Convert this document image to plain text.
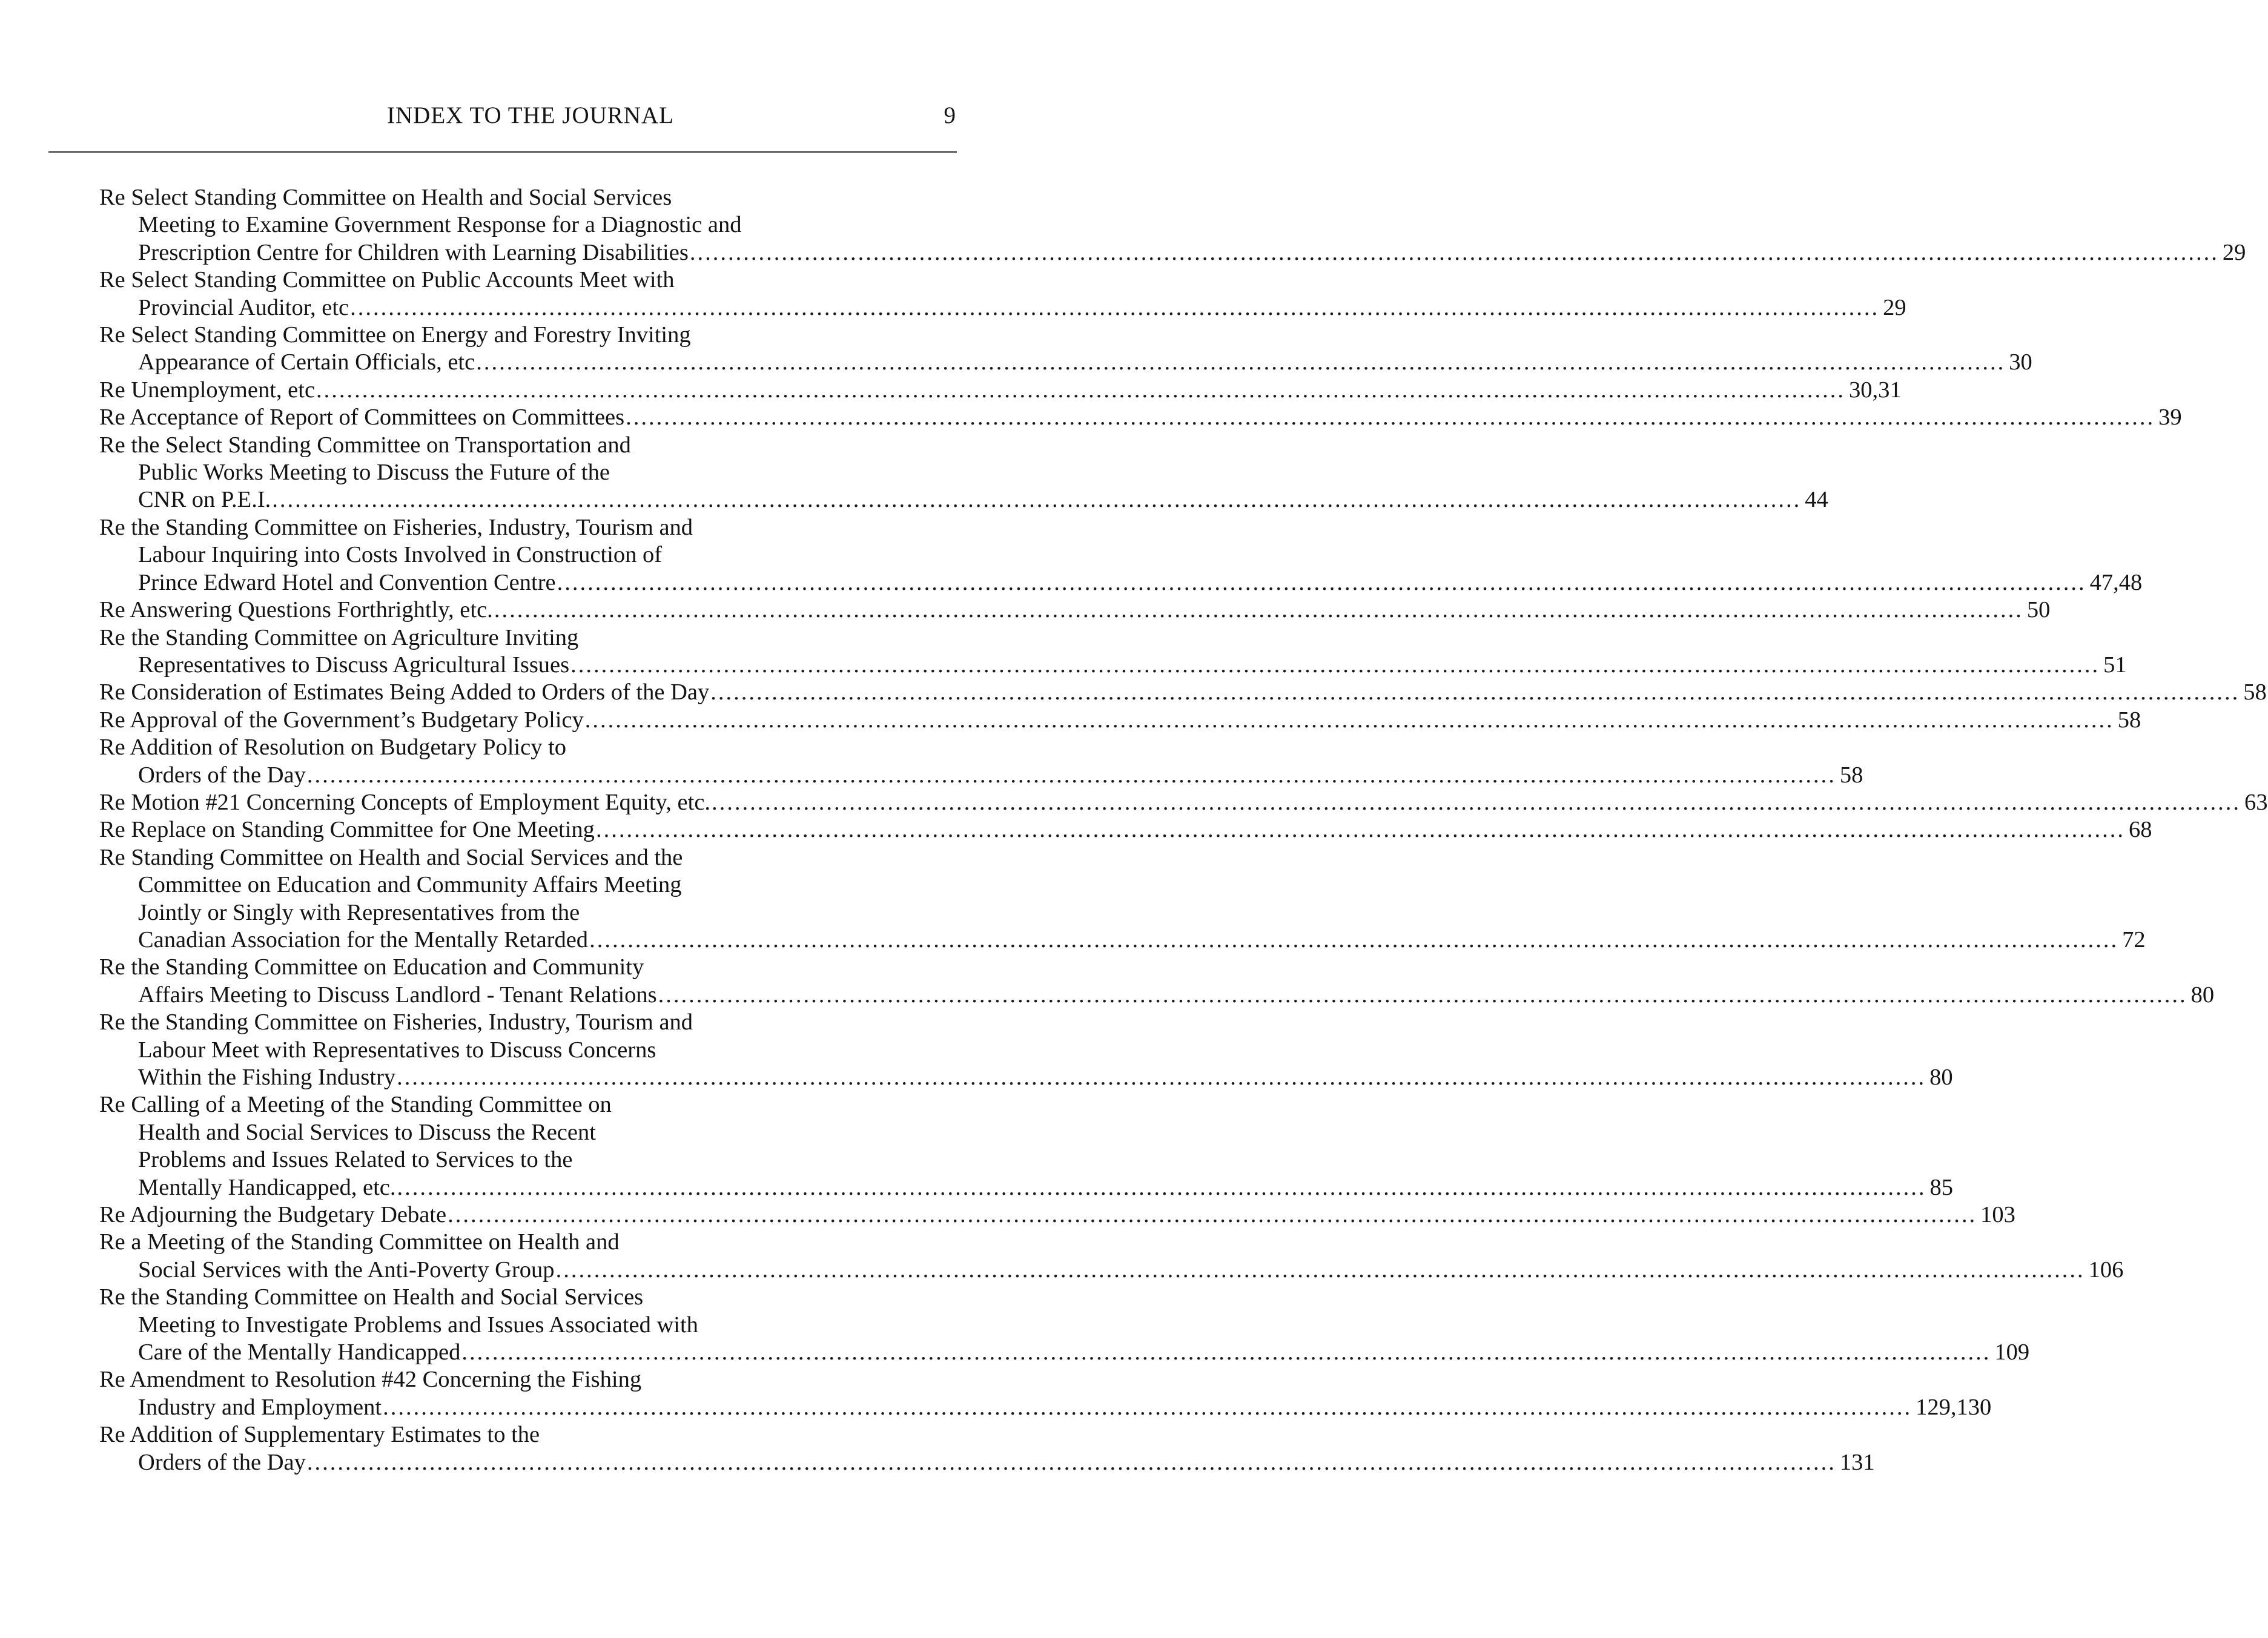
INDEX TO THE JOURNAL	9
Re Select Standing Committee on Health and Social Services
Meeting to Examine Government Response for a Diagnostic and
Prescription Centre for Children with Learning Disabilities ........................................................................................................................................................................................................ 29
Re Select Standing Committee on Public Accounts Meet with
Provincial Auditor, etc ........................................................................................................................................................................................................ 29
Re Select Standing Committee on Energy and Forestry Inviting
Appearance of Certain Officials, etc ........................................................................................................................................................................................................ 30
Re Unemployment, etc ........................................................................................................................................................................................................ 30,31
Re Acceptance of Report of Committees on Committees ........................................................................................................................................................................................................ 39
Re the Select Standing Committee on Transportation and
Public Works Meeting to Discuss the Future of the
CNR on P.E.I. ........................................................................................................................................................................................................ 44
Re the Standing Committee on Fisheries, Industry, Tourism and
Labour Inquiring into Costs Involved in Construction of
Prince Edward Hotel and Convention Centre ........................................................................................................................................................................................................ 47,48
Re Answering Questions Forthrightly, etc. ........................................................................................................................................................................................................ 50
Re the Standing Committee on Agriculture Inviting
Representatives to Discuss Agricultural Issues ........................................................................................................................................................................................................ 51
Re Consideration of Estimates Being Added to Orders of the Day ........................................................................................................................................................................................................ 58
Re Approval of the Government’s Budgetary Policy ........................................................................................................................................................................................................ 58
Re Addition of Resolution on Budgetary Policy to
Orders of the Day ........................................................................................................................................................................................................ 58
Re Motion #21 Concerning Concepts of Employment Equity, etc. ........................................................................................................................................................................................................ 63
Re Replace on Standing Committee for One Meeting ........................................................................................................................................................................................................ 68
Re Standing Committee on Health and Social Services and the
Committee on Education and Community Affairs Meeting
Jointly or Singly with Representatives from the
Canadian Association for the Mentally Retarded ........................................................................................................................................................................................................ 72
Re the Standing Committee on Education and Community
Affairs Meeting to Discuss Landlord - Tenant Relations ........................................................................................................................................................................................................ 80
Re the Standing Committee on Fisheries, Industry, Tourism and
Labour Meet with Representatives to Discuss Concerns
Within the Fishing Industry ........................................................................................................................................................................................................ 80
Re Calling of a Meeting of the Standing Committee on
Health and Social Services to Discuss the Recent
Problems and Issues Related to Services to the
Mentally Handicapped, etc. ........................................................................................................................................................................................................ 85
Re Adjourning the Budgetary Debate ........................................................................................................................................................................................................ 103
Re a Meeting of the Standing Committee on Health and
Social Services with the Anti-Poverty Group ........................................................................................................................................................................................................ 106
Re the Standing Committee on Health and Social Services
Meeting to Investigate Problems and Issues Associated with
Care of the Mentally Handicapped ........................................................................................................................................................................................................ 109
Re Amendment to Resolution #42 Concerning the Fishing
Industry and Employment ........................................................................................................................................................................................................ 129,130
Re Addition of Supplementary Estimates to the
Orders of the Day ........................................................................................................................................................................................................ 131
